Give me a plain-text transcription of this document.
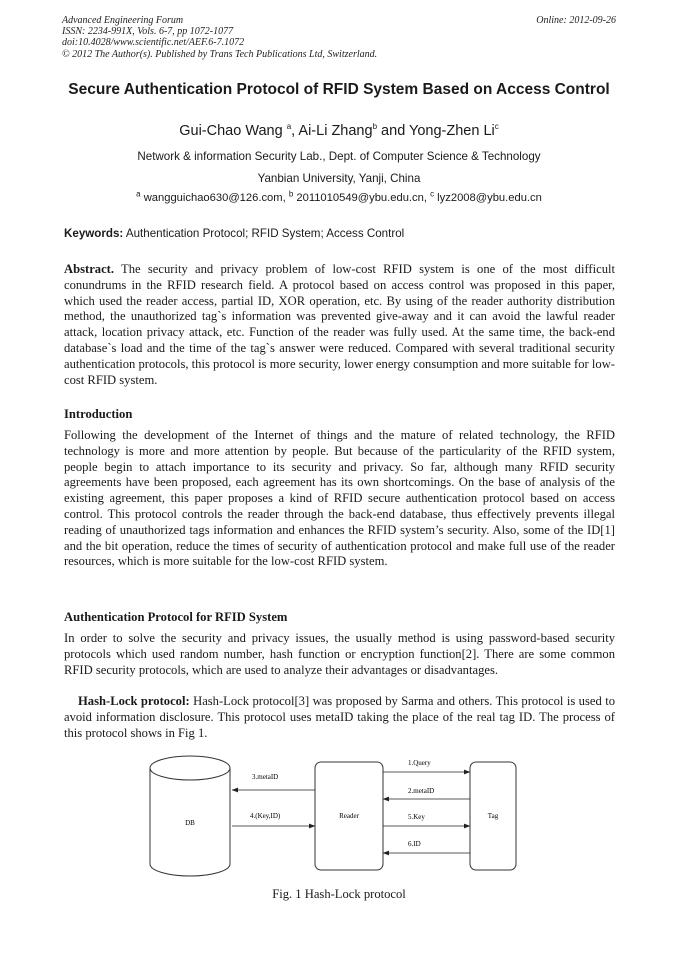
Advanced Engineering Forum	Online: 2012-09-26
ISSN: 2234-991X, Vols. 6-7, pp 1072-1077
doi:10.4028/www.scientific.net/AEF.6-7.1072
© 2012 The Author(s). Published by Trans Tech Publications Ltd, Switzerland.
Secure Authentication Protocol of RFID System Based on Access Control
Gui-Chao Wang $^a$, Ai-Li Zhang$^b$ and Yong-Zhen Li$^c$
Network & information Security Lab., Dept. of Computer Science & Technology
Yanbian University, Yanji, China
$^a$ wangguichao630@126.com, $^b$ 2011010549@ybu.edu.cn, $^c$ lyz2008@ybu.edu.cn
Keywords: Authentication Protocol; RFID System; Access Control
Abstract. The security and privacy problem of low-cost RFID system is one of the most difficult conundrums in the RFID research field. A protocol based on access control was proposed in this paper, which used the reader access, partial ID, XOR operation, etc. By using of the reader authority distribution method, the unauthorized tag`s information was prevented give-away and it can avoid the lawful reader attack, location privacy attack, etc. Function of the reader was fully used. At the same time, the back-end database`s load and the time of the tag`s answer were reduced. Compared with several traditional security authentication protocols, this protocol is more security, lower energy consumption and more suitable for low-cost RFID system.
Introduction
Following the development of the Internet of things and the mature of related technology, the RFID technology is more and more attention by people. But because of the particularity of the RFID system, people begin to attach importance to its security and privacy. So far, although many RFID security agreements have been proposed, each agreement has its own shortcomings. On the base of analysis of the existing agreement, this paper proposes a kind of RFID secure authentication protocol based on access control. This protocol controls the reader through the back-end database, thus effectively prevents illegal reading of unauthorized tags information and enhances the RFID system’s security. Also, some of the ID[1] and the bit operation, reduce the times of security of authentication protocol and make full use of the reader resources, which is more suitable for the low-cost RFID system.
Authentication Protocol for RFID System
In order to solve the security and privacy issues, the usually method is using password-based security protocols which used random number, hash function or encryption function[2]. There are some common RFID security protocols, which are used to analyze their advantages or disadvantages.
Hash-Lock protocol: Hash-Lock protocol[3] was proposed by Sarma and others. This protocol is used to avoid information disclosure. This protocol uses metaID taking the place of the real tag ID. The process of this protocol shows in Fig 1.
DB
Reader	Tag
3.metaID
4.(Key,ID)
1.Query
2.metaID
5.Key
6.ID
Fig. 1 Hash-Lock protocol
